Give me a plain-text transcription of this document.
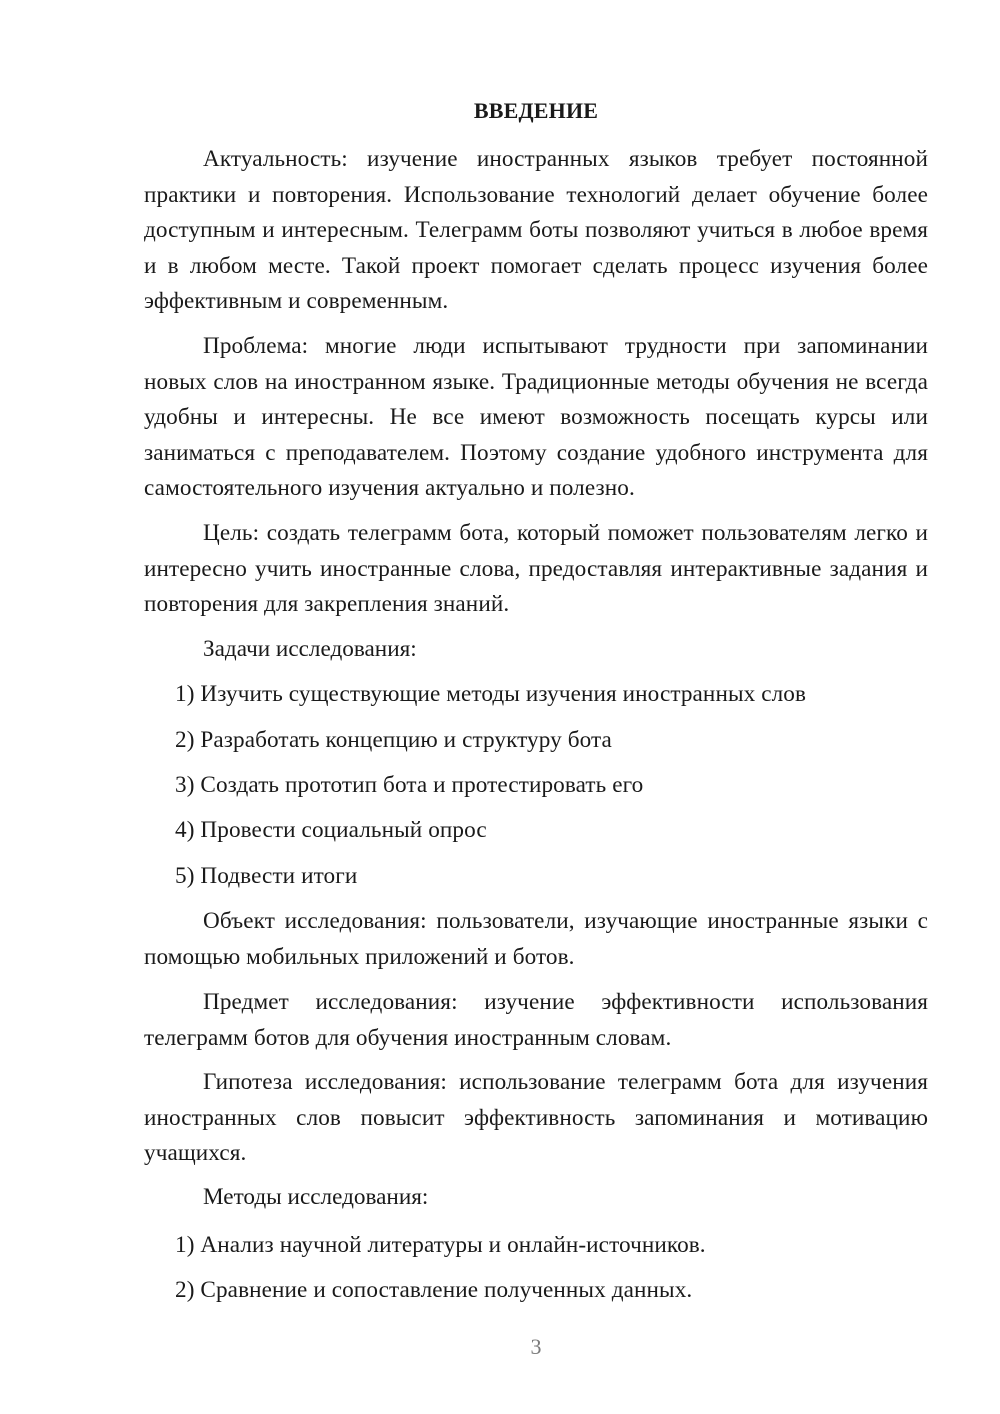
ВВЕДЕНИЕ

Актуальность: изучение иностранных языков требует постоянной практики и повторения. Использование технологий делает обучение более доступным и интересным. Телеграмм боты позволяют учиться в любое время и в любом месте. Такой проект помогает сделать процесс изучения более эффективным и современным.

Проблема: многие люди испытывают трудности при запоминании новых слов на иностранном языке. Традиционные методы обучения не всегда удобны и интересны. Не все имеют возможность посещать курсы или заниматься с преподавателем. Поэтому создание удобного инструмента для самостоятельного изучения актуально и полезно.

Цель: создать телеграмм бота, который поможет пользователям легко и интересно учить иностранные слова, предоставляя интерактивные задания и повторения для закрепления знаний.

Задачи исследования:
1) Изучить существующие методы изучения иностранных слов
2) Разработать концепцию и структуру бота
3) Создать прототип бота и протестировать его
4) Провести социальный опрос
5) Подвести итоги

Объект исследования: пользователи, изучающие иностранные языки с помощью мобильных приложений и ботов.

Предмет исследования: изучение эффективности использования телеграмм ботов для обучения иностранным словам.

Гипотеза исследования: использование телеграмм бота для изучения иностранных слов повысит эффективность запоминания и мотивацию учащихся.

Методы исследования:
1) Анализ научной литературы и онлайн-источников.
2) Сравнение и сопоставление полученных данных.
3
